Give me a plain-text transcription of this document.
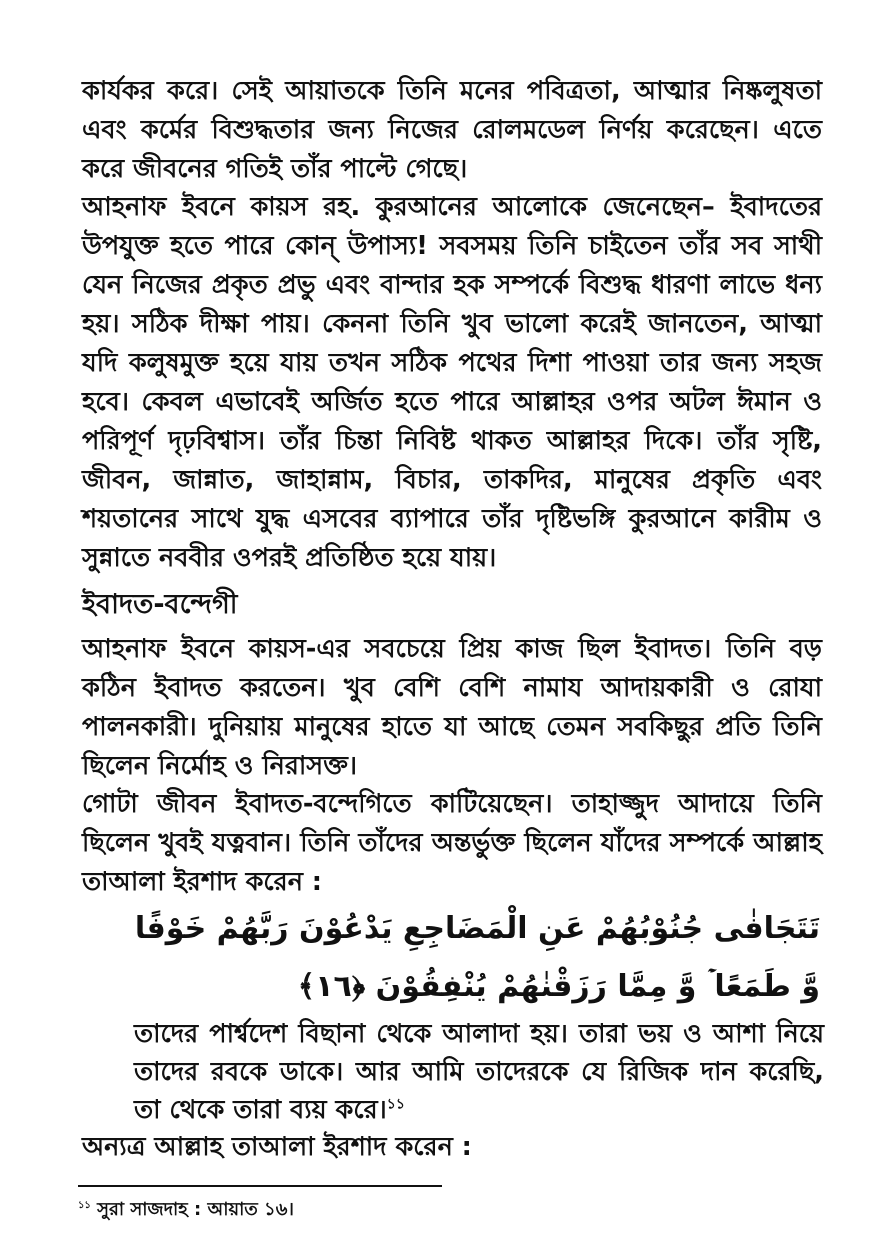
কার্যকর করে। সেই আয়াতকে তিনি মনের পবিত্রতা, আত্মার নিষ্কলুষতা এবং কর্মের বিশুদ্ধতার জন্য নিজের রোলমডেল নির্ণয় করেছেন। এতে করে জীবনের গতিই তাঁর পাল্টে গেছে।

আহনাফ ইবনে কায়স রহ. কুরআনের আলোকে জেনেছেন– ইবাদতের উপযুক্ত হতে পারে কোন্ উপাস্য! সবসময় তিনি চাইতেন তাঁর সব সাথী যেন নিজের প্রকৃত প্রভু এবং বান্দার হক সম্পর্কে বিশুদ্ধ ধারণা লাভে ধন্য হয়। সঠিক দীক্ষা পায়। কেননা তিনি খুব ভালো করেই জানতেন, আত্মা যদি কলুষমুক্ত হয়ে যায় তখন সঠিক পথের দিশা পাওয়া তার জন্য সহজ হবে। কেবল এভাবেই অর্জিত হতে পারে আল্লাহর ওপর অটল ঈমান ও পরিপূর্ণ দৃঢ়বিশ্বাস। তাঁর চিন্তা নিবিষ্ট থাকত আল্লাহর দিকে। তাঁর সৃষ্টি, জীবন, জান্নাত, জাহান্নাম, বিচার, তাকদির, মানুষের প্রকৃতি এবং শয়তানের সাথে যুদ্ধ এসবের ব্যাপারে তাঁর দৃষ্টিভঙ্গি কুরআনে কারীম ও সুন্নাতে নববীর ওপরই প্রতিষ্ঠিত হয়ে যায়।

ইবাদত-বন্দেগী

আহনাফ ইবনে কায়স-এর সবচেয়ে প্রিয় কাজ ছিল ইবাদত। তিনি বড় কঠিন ইবাদত করতেন। খুব বেশি বেশি নামায আদায়কারী ও রোযা পালনকারী। দুনিয়ায় মানুষের হাতে যা আছে তেমন সবকিছুর প্রতি তিনি ছিলেন নির্মোহ ও নিরাসক্ত।

গোটা জীবন ইবাদত-বন্দেগিতে কাটিয়েছেন। তাহাজ্জুদ আদায়ে তিনি ছিলেন খুবই যত্নবান। তিনি তাঁদের অন্তর্ভুক্ত ছিলেন যাঁদের সম্পর্কে আল্লাহ তাআলা ইরশাদ করেন :

تَتَجَافٰى جُنُوْبُهُمْ عَنِ الْمَضَاجِعِ يَدْعُوْنَ رَبَّهُمْ خَوْفًا وَّ طَمَعًا ۡ وَّ مِمَّا رَزَقْنٰهُمْ يُنْفِقُوْنَ ﴿١٦﴾

তাদের পার্শ্বদেশ বিছানা থেকে আলাদা হয়। তারা ভয় ও আশা নিয়ে তাদের রবকে ডাকে। আর আমি তাদেরকে যে রিজিক দান করেছি, তা থেকে তারা ব্যয় করে।$^{১১}$

অন্যত্র আল্লাহ তাআলা ইরশাদ করেন :

$^{১১}$ সুরা সাজদাহ : আয়াত ১৬।
